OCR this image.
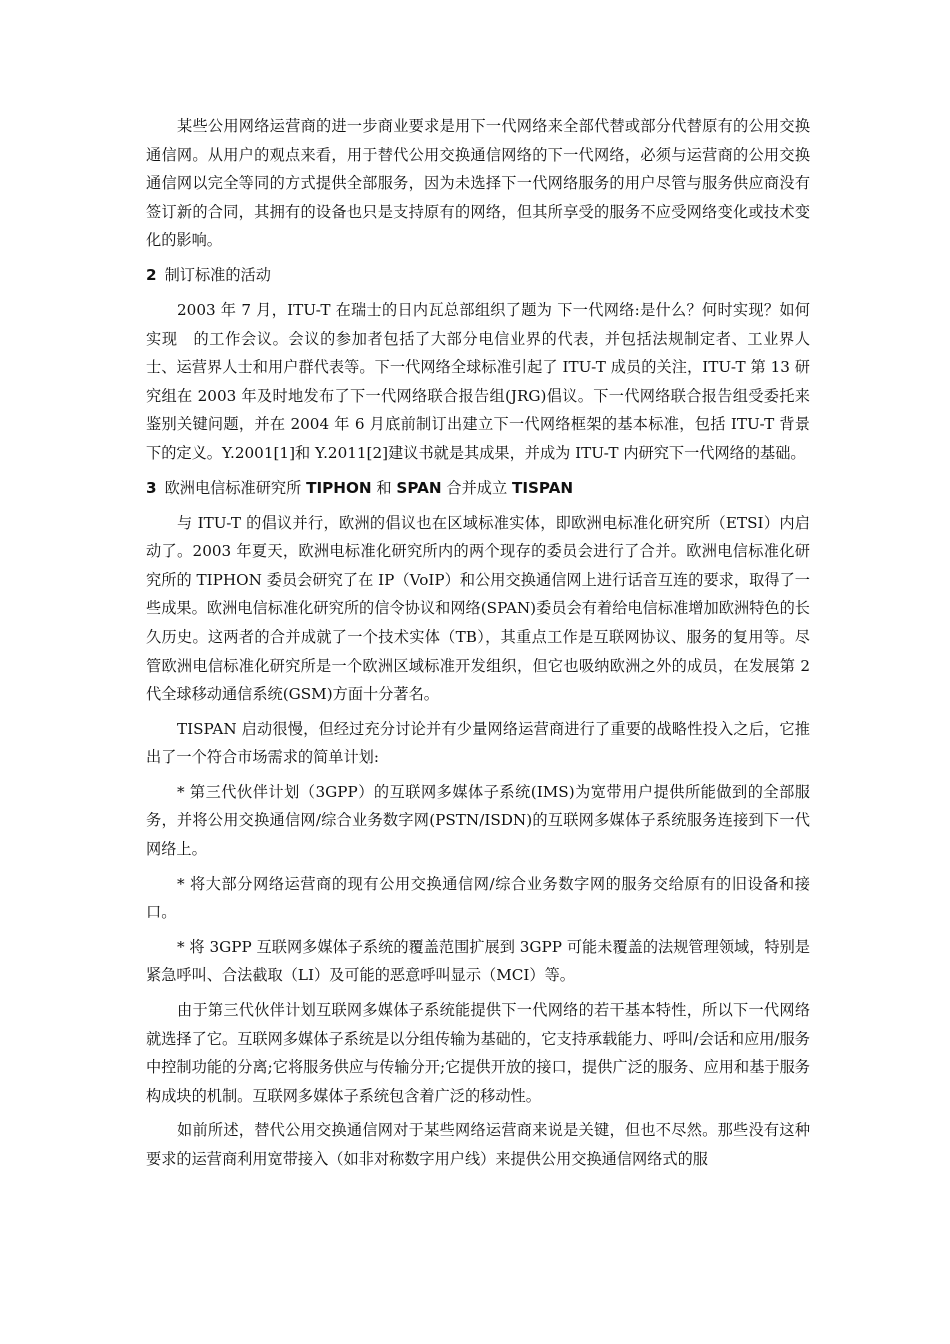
某些公用网络运营商的进一步商业要求是用下一代网络来全部代替或部分代替原有的公用交换通信网。从用户的观点来看，用于替代公用交换通信网络的下一代网络，必须与运营商的公用交换通信网以完全等同的方式提供全部服务，因为未选择下一代网络服务的用户尽管与服务供应商没有签订新的合同，其拥有的设备也只是支持原有的网络，但其所享受的服务不应受网络变化或技术变化的影响。

2 制订标准的活动

2003 年 7 月，ITU-T 在瑞士的日内瓦总部组织了题为 下一代网络:是什么？何时实现？如何实现　的工作会议。会议的参加者包括了大部分电信业界的代表，并包括法规制定者、工业界人士、运营界人士和用户群代表等。下一代网络全球标准引起了 ITU-T 成员的关注，ITU-T 第 13 研究组在 2003 年及时地发布了下一代网络联合报告组(JRG)倡议。下一代网络联合报告组受委托来鉴别关键问题，并在 2004 年 6 月底前制订出建立下一代网络框架的基本标准，包括 ITU-T 背景下的定义。Y.2001[1]和 Y.2011[2]建议书就是其成果，并成为 ITU-T 内研究下一代网络的基础。

3 欧洲电信标准研究所 TIPHON 和 SPAN 合并成立 TISPAN

与 ITU-T 的倡议并行，欧洲的倡议也在区域标准实体，即欧洲电标准化研究所（ETSI）内启动了。2003 年夏天，欧洲电标准化研究所内的两个现存的委员会进行了合并。欧洲电信标准化研究所的 TIPHON 委员会研究了在 IP（VoIP）和公用交换通信网上进行话音互连的要求，取得了一些成果。欧洲电信标准化研究所的信令协议和网络(SPAN)委员会有着给电信标准增加欧洲特色的长久历史。这两者的合并成就了一个技术实体（TB），其重点工作是互联网协议、服务的复用等。尽管欧洲电信标准化研究所是一个欧洲区域标准开发组织，但它也吸纳欧洲之外的成员，在发展第 2 代全球移动通信系统(GSM)方面十分著名。

TISPAN 启动很慢，但经过充分讨论并有少量网络运营商进行了重要的战略性投入之后，它推出了一个符合市场需求的简单计划:

* 第三代伙伴计划（3GPP）的互联网多媒体子系统(IMS)为宽带用户提供所能做到的全部服务，并将公用交换通信网/综合业务数字网(PSTN/ISDN)的互联网多媒体子系统服务连接到下一代网络上。

* 将大部分网络运营商的现有公用交换通信网/综合业务数字网的服务交给原有的旧设备和接口。

* 将 3GPP 互联网多媒体子系统的覆盖范围扩展到 3GPP 可能未覆盖的法规管理领域，特别是紧急呼叫、合法截取（LI）及可能的恶意呼叫显示（MCI）等。

由于第三代伙伴计划互联网多媒体子系统能提供下一代网络的若干基本特性，所以下一代网络就选择了它。互联网多媒体子系统是以分组传输为基础的，它支持承载能力、呼叫/会话和应用/服务中控制功能的分离;它将服务供应与传输分开;它提供开放的接口，提供广泛的服务、应用和基于服务构成块的机制。互联网多媒体子系统包含着广泛的移动性。

如前所述，替代公用交换通信网对于某些网络运营商来说是关键，但也不尽然。那些没有这种要求的运营商利用宽带接入（如非对称数字用户线）来提供公用交换通信网络式的服
